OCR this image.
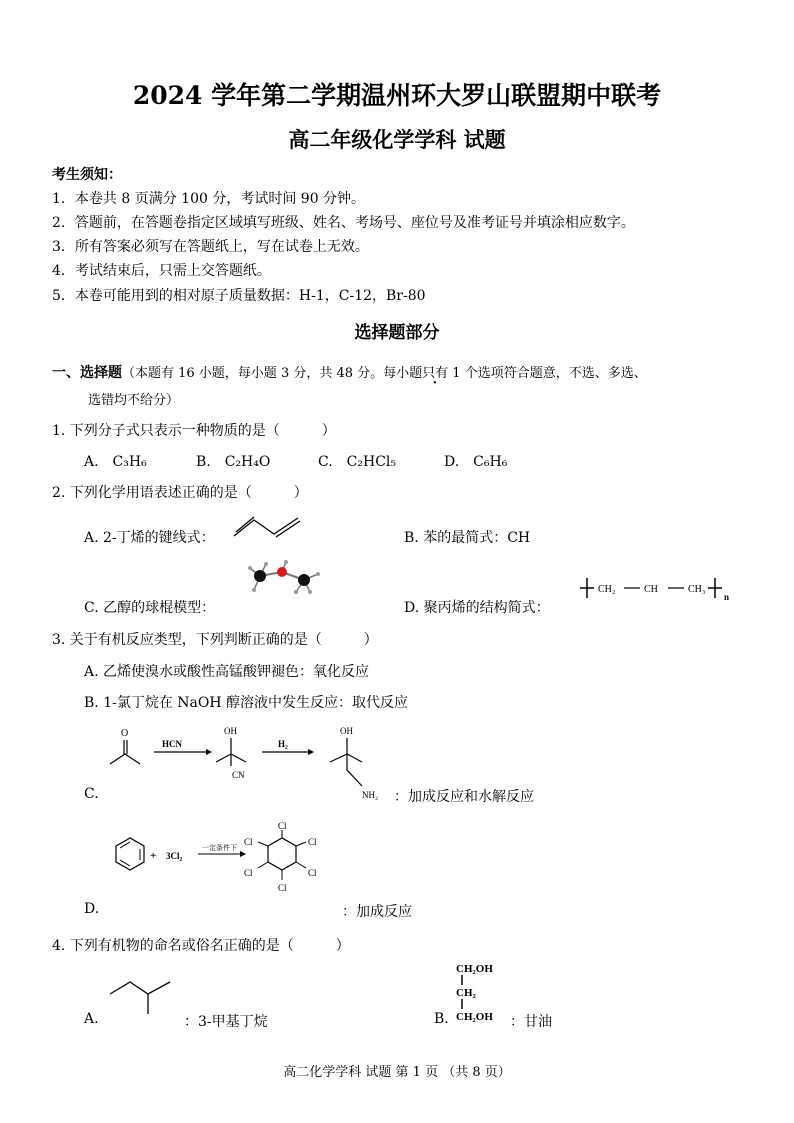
2024 学年第二学期温州环大罗山联盟期中联考
高二年级化学学科 试题
考生须知：
1．本卷共 8 页满分 100 分，考试时间 90 分钟。
2．答题前，在答题卷指定区域填写班级、姓名、考场号、座位号及准考证号并填涂相应数字。
3．所有答案必须写在答题纸上，写在试卷上无效。
4．考试结束后，只需上交答题纸。
5．本卷可能用到的相对原子质量数据：H-1，C-12，Br-80
选择题部分
一、选择题（本题有 16 小题，每小题 3 分，共 48 分。每小题只有 1 个选项符合题意，不选、多选、
选错均不给分）
1. 下列分子式只表示一种物质的是（　　　）
A.　C₃H₆	B.　C₂H₄O	C.　C₂HCl₅	D.　C₆H₆
2. 下列化学用语表述正确的是（　　　）
A. 2-丁烯的键线式：	B. 苯的最简式：CH
C. 乙醇的球棍模型：	D. 聚丙烯的结构简式：
CH₂	CH	CH₃
n
3. 关于有机反应类型，下列判断正确的是（　　　）
A. 乙烯使溴水或酸性高锰酸钾褪色：氧化反应
B. 1-氯丁烷在 NaOH 醇溶液中发生反应：取代反应
O
HCN
OH
CN
H₂
OH
NH₂
C.	：加成反应和水解反应
+ 3Cl₂
一定条件下
Cl
Cl
Cl
Cl
Cl
Cl
D.	：加成反应
4. 下列有机物的命名或俗名正确的是（　　　）
A.	：3-甲基丁烷	B.
CH₂OH
CH₂
CH₂OH ：甘油
高二化学学科 试题 第 1 页 （共 8 页）
